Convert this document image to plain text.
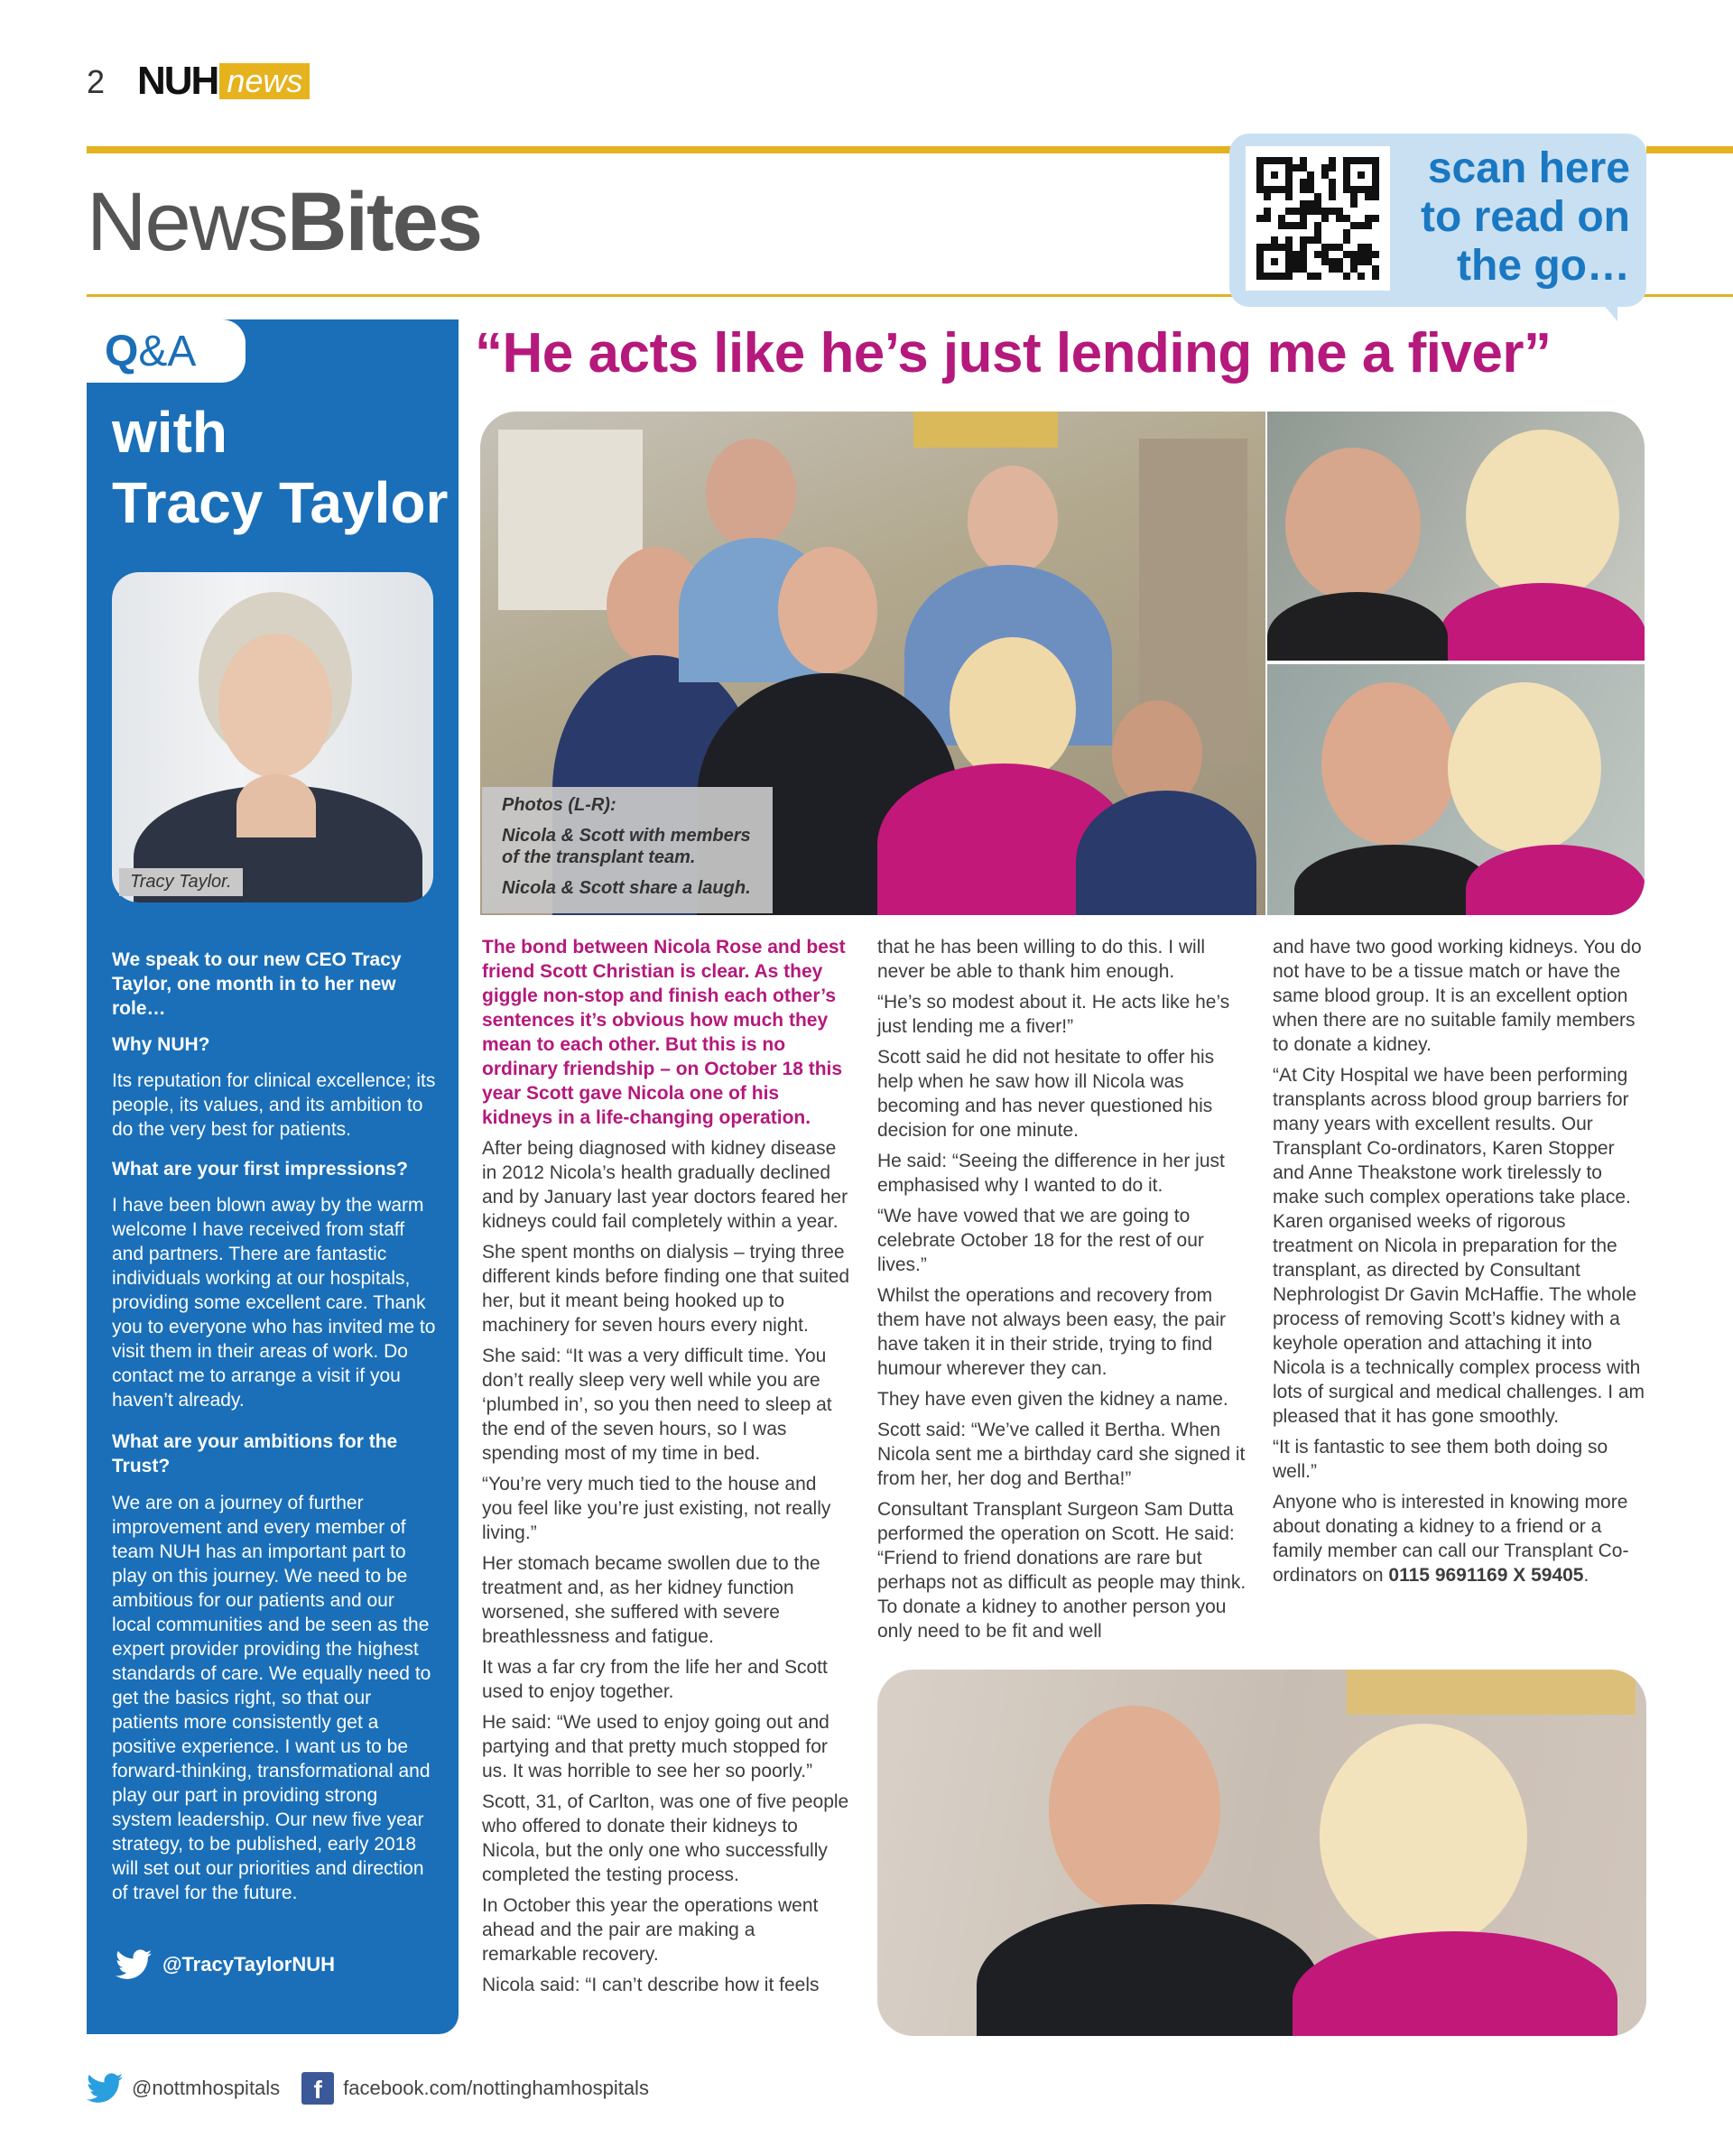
2 NUH news
NewsBites
scan here
to read on
the go…
Q&A
with
Tracy Taylor
Tracy Taylor.
We speak to our new CEO Tracy Taylor, one month in to her new role…
Why NUH?
Its reputation for clinical excellence; its people, its values, and its ambition to do the very best for patients.
What are your first impressions?
I have been blown away by the warm welcome I have received from staff and partners. There are fantastic individuals working at our hospitals, providing some excellent care. Thank you to everyone who has invited me to visit them in their areas of work. Do contact me to arrange a visit if you haven’t already.
What are your ambitions for the Trust?
We are on a journey of further improvement and every member of team NUH has an important part to play on this journey. We need to be ambitious for our patients and our local communities and be seen as the expert provider providing the highest standards of care. We equally need to get the basics right, so that our patients more consistently get a positive experience. I want us to be forward-thinking, transformational and play our part in providing strong system leadership. Our new five year strategy, to be published, early 2018 will set out our priorities and direction of travel for the future.
@TracyTaylorNUH
“He acts like he’s just lending me a fiver”
Photos (L-R):
Nicola & Scott with members of the transplant team.
Nicola & Scott share a laugh.

The bond between Nicola Rose and best friend Scott Christian is clear. As they giggle non-stop and finish each other’s sentences it’s obvious how much they mean to each other. But this is no ordinary friendship – on October 18 this year Scott gave Nicola one of his kidneys in a life-changing operation.

After being diagnosed with kidney disease in 2012 Nicola’s health gradually declined and by January last year doctors feared her kidneys could fail completely within a year.

She spent months on dialysis – trying three different kinds before finding one that suited her, but it meant being hooked up to machinery for seven hours every night.

She said: “It was a very difficult time. You don’t really sleep very well while you are ‘plumbed in’, so you then need to sleep at the end of the seven hours, so I was spending most of my time in bed.

“You’re very much tied to the house and you feel like you’re just existing, not really living.”

Her stomach became swollen due to the treatment and, as her kidney function worsened, she suffered with severe breathlessness and fatigue.

It was a far cry from the life her and Scott used to enjoy together.

He said: “We used to enjoy going out and partying and that pretty much stopped for us. It was horrible to see her so poorly.”

Scott, 31, of Carlton, was one of five people who offered to donate their kidneys to Nicola, but the only one who successfully completed the testing process.

In October this year the operations went ahead and the pair are making a remarkable recovery.

Nicola said: “I can’t describe how it feels

that he has been willing to do this. I will never be able to thank him enough.

“He’s so modest about it. He acts like he’s just lending me a fiver!”

Scott said he did not hesitate to offer his help when he saw how ill Nicola was becoming and has never questioned his decision for one minute.

He said: “Seeing the difference in her just emphasised why I wanted to do it.

“We have vowed that we are going to celebrate October 18 for the rest of our lives.”

Whilst the operations and recovery from them have not always been easy, the pair have taken it in their stride, trying to find humour wherever they can.

They have even given the kidney a name.

Scott said: “We’ve called it Bertha. When Nicola sent me a birthday card she signed it from her, her dog and Bertha!”

Consultant Transplant Surgeon Sam Dutta performed the operation on Scott. He said: “Friend to friend donations are rare but perhaps not as difficult as people may think. To donate a kidney to another person you only need to be fit and well

and have two good working kidneys. You do not have to be a tissue match or have the same blood group. It is an excellent option when there are no suitable family members to donate a kidney.

“At City Hospital we have been performing transplants across blood group barriers for many years with excellent results. Our Transplant Co-ordinators, Karen Stopper and Anne Theakstone work tirelessly to make such complex operations take place. Karen organised weeks of rigorous treatment on Nicola in preparation for the transplant, as directed by Consultant Nephrologist Dr Gavin McHaffie. The whole process of removing Scott’s kidney with a keyhole operation and attaching it into Nicola is a technically complex process with lots of surgical and medical challenges. I am pleased that it has gone smoothly.

“It is fantastic to see them both doing so well.”

Anyone who is interested in knowing more about donating a kidney to a friend or a family member can call our Transplant Co-ordinators on 0115 9691169 X 59405.

@nottmhospitals	f	facebook.com/nottinghamhospitals
